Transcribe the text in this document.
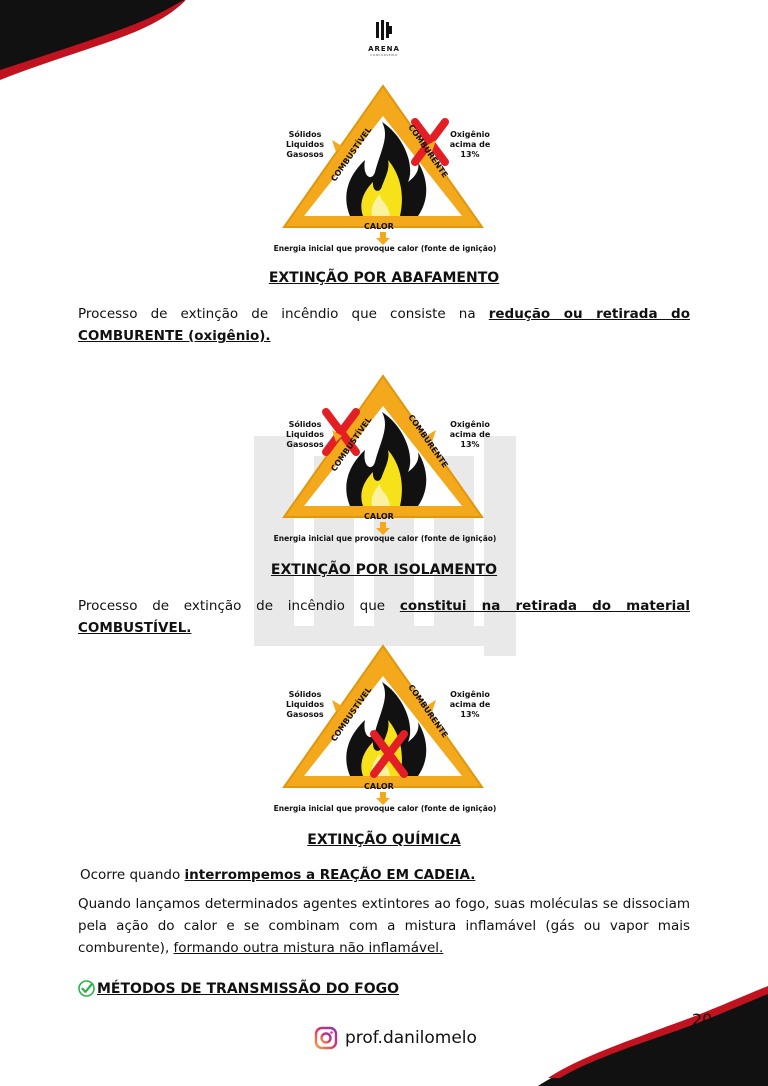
ARENA
CONCURSEIRO
COMBUSTÍVEL	COMBURENTE
Sólidos
Liquidos
Gasosos
Oxigênio
acima de
13%
CALOR
Energia inicial que provoque calor (fonte de ignição)
EXTINÇÃO POR ABAFAMENTO
Processo de extinção de incêndio que consiste na redução ou retirada do COMBURENTE (oxigênio).
COMBUSTÍVEL	COMBURENTE
Sólidos
Liquidos
Gasosos
Oxigênio
acima de
13%
CALOR
Energia inicial que provoque calor (fonte de ignição)
EXTINÇÃO POR ISOLAMENTO
Processo de extinção de incêndio que constitui na retirada do material COMBUSTÍVEL.
COMBUSTÍVEL	COMBURENTE
Sólidos
Liquidos
Gasosos
Oxigênio
acima de
13%
CALOR
Energia inicial que provoque calor (fonte de ignição)
EXTINÇÃO QUÍMICA
Ocorre quando interrompemos a REAÇÃO EM CADEIA.
Quando lançamos determinados agentes extintores ao fogo, suas moléculas se dissociam pela ação do calor e se combinam com a mistura inflamável (gás ou vapor mais comburente), formando outra mistura não inflamável.
MÉTODOS DE TRANSMISSÃO DO FOGO
20
prof.danilomelo
